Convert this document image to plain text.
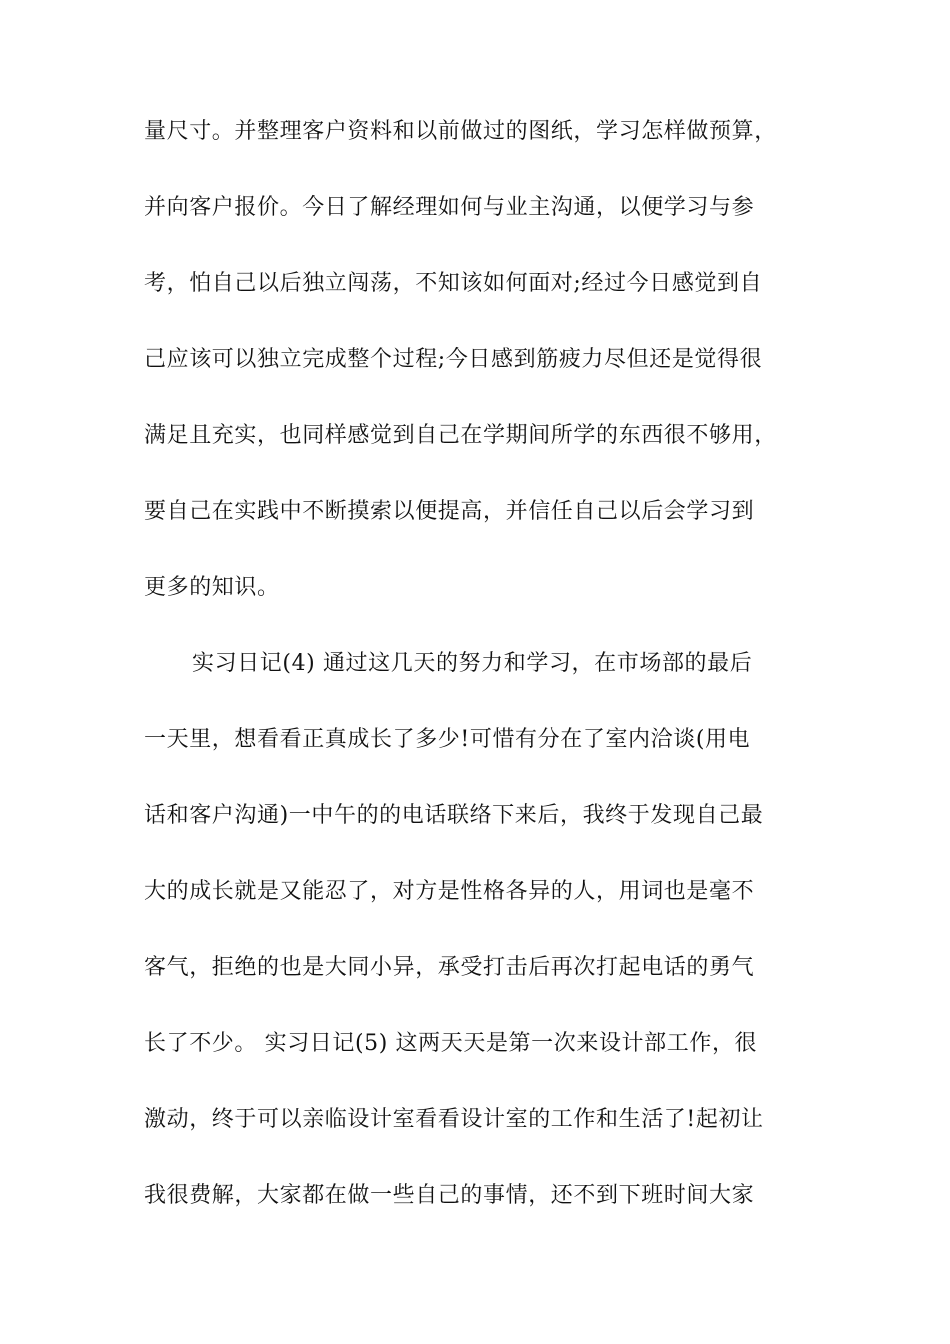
量尺寸。并整理客户资料和以前做过的图纸，学习怎样做预算，
并向客户报价。今日了解经理如何与业主沟通，以便学习与参
考，怕自己以后独立闯荡，不知该如何面对;经过今日感觉到自
己应该可以独立完成整个过程;今日感到筋疲力尽但还是觉得很
满足且充实，也同样感觉到自己在学期间所学的东西很不够用，
要自己在实践中不断摸索以便提高，并信任自己以后会学习到
更多的知识。
实习日记(4) 通过这几天的努力和学习，在市场部的最后
一天里，想看看正真成长了多少!可惜有分在了室内洽谈(用电
话和客户沟通)一中午的的电话联络下来后，我终于发现自己最
大的成长就是又能忍了，对方是性格各异的人，用词也是毫不
客气，拒绝的也是大同小异，承受打击后再次打起电话的勇气
长了不少。 实习日记(5) 这两天天是第一次来设计部工作，很
激动，终于可以亲临设计室看看设计室的工作和生活了!起初让
我很费解，大家都在做一些自己的事情，还不到下班时间大家
